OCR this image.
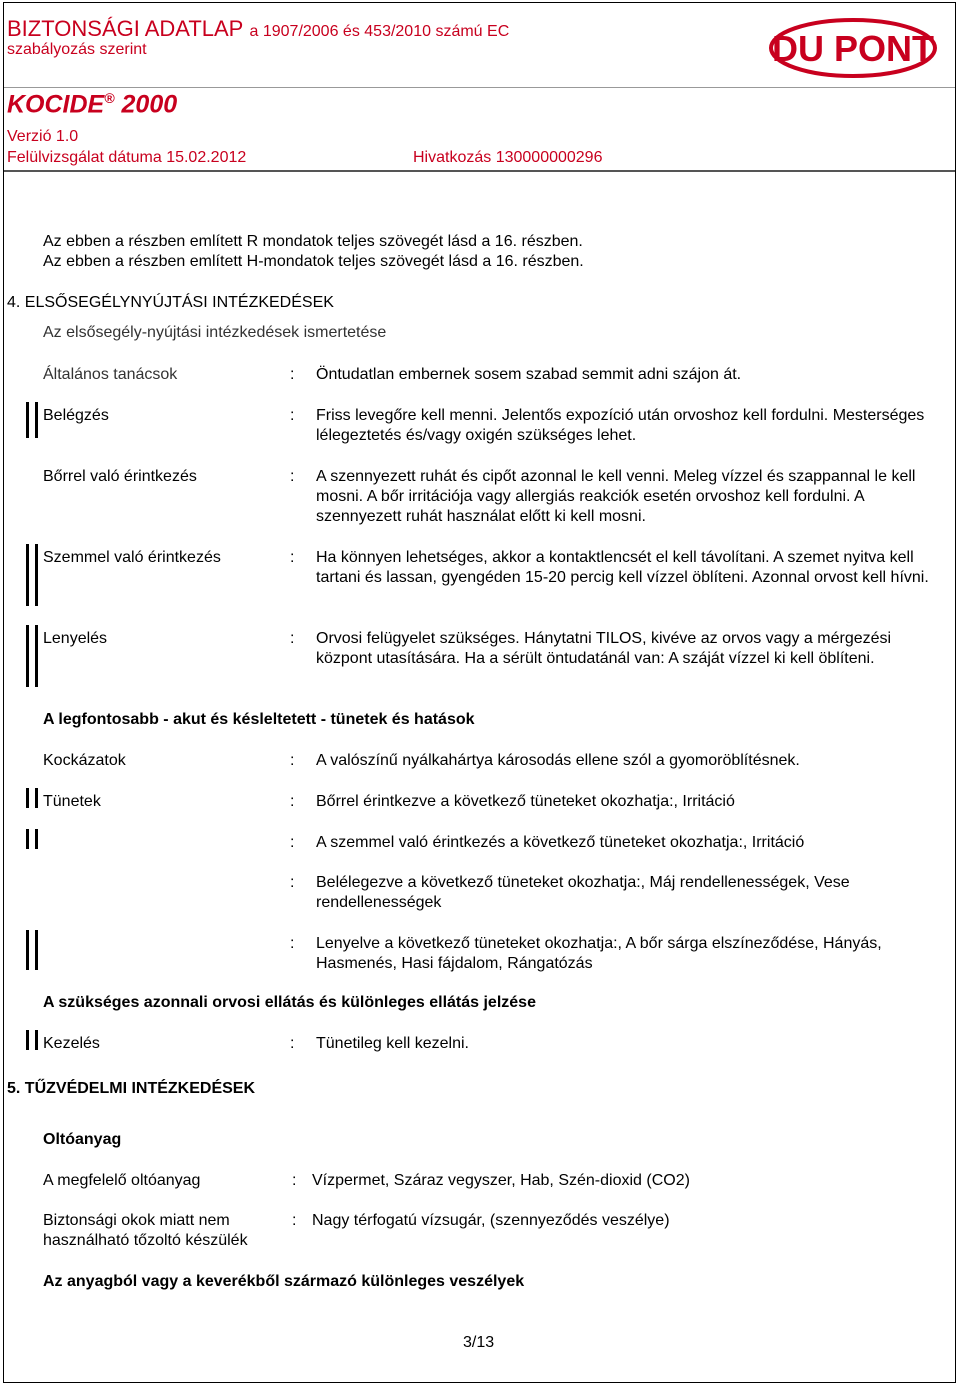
BIZTONSÁGI ADATLAP a 1907/2006 és 453/2010 számú EC
szabályozás szerint
KOCIDE® 2000
Verzió 1.0
Felülvizsgálat dátuma 15.02.2012	Hivatkozás 130000000296
DU PONT
Az ebben a részben említett R mondatok teljes szövegét lásd a 16. részben.
Az ebben a részben említett H-mondatok teljes szövegét lásd a 16. részben.
4. ELSŐSEGÉLYNYÚJTÁSI INTÉZKEDÉSEK
Az elsősegély-nyújtási intézkedések ismertetése
Általános tanácsok	: Öntudatlan embernek sosem szabad semmit adni szájon át.
Belégzés	: Friss levegőre kell menni. Jelentős expozíció után orvoshoz kell fordulni. Mesterséges lélegeztetés és/vagy oxigén szükséges lehet.
Bőrrel való érintkezés	: A szennyezett ruhát és cipőt azonnal le kell venni. Meleg vízzel és szappannal le kell mosni. A bőr irritációja vagy allergiás reakciók esetén orvoshoz kell fordulni. A szennyezett ruhát használat előtt ki kell mosni.
Szemmel való érintkezés	: Ha könnyen lehetséges, akkor a kontaktlencsét el kell távolítani. A szemet nyitva kell tartani és lassan, gyengéden 15-20 percig kell vízzel öblíteni. Azonnal orvost kell hívni.
Lenyelés	: Orvosi felügyelet szükséges. Hánytatni TILOS, kivéve az orvos vagy a mérgezési központ utasítására. Ha a sérült öntudatánál van: A száját vízzel ki kell öblíteni.
A legfontosabb - akut és késleltetett - tünetek és hatások
Kockázatok	: A valószínű nyálkahártya károsodás ellene szól a gyomoröblítésnek.
Tünetek	: Bőrrel érintkezve a következő tüneteket okozhatja:, Irritáció
: A szemmel való érintkezés a következő tüneteket okozhatja:, Irritáció
: Belélegezve a következő tüneteket okozhatja:, Máj rendellenességek, Vese rendellenességek
: Lenyelve a következő tüneteket okozhatja:, A bőr sárga elszíneződése, Hányás, Hasmenés, Hasi fájdalom, Rángatózás
A szükséges azonnali orvosi ellátás és különleges ellátás jelzése
Kezelés	: Tünetileg kell kezelni.
5. TŰZVÉDELMI INTÉZKEDÉSEK
Oltóanyag
A megfelelő oltóanyag	: Vízpermet, Száraz vegyszer, Hab, Szén-dioxid (CO2)
Biztonsági okok miatt nem
használható tőzoltó készülék
: Nagy térfogatú vízsugár, (szennyeződés veszélye)
Az anyagból vagy a keverékből származó különleges veszélyek
3/13
